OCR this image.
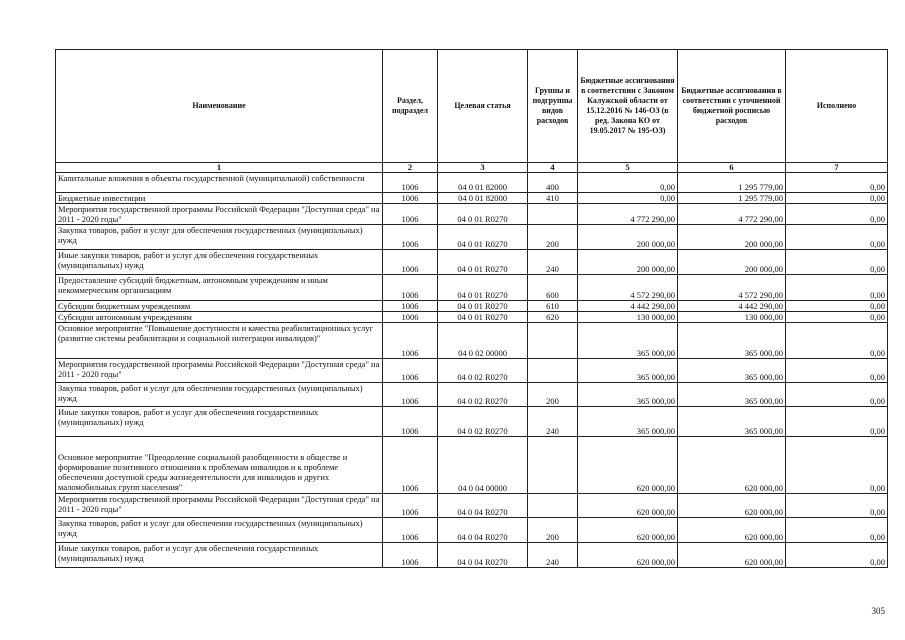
Наименование	Раздел, подраздел	Целевая статья	Группы и подгруппы видов расходов	Бюджетные ассигнования в соответствии с Законом Калужской области от 15.12.2016 № 146-ОЗ (в ред. Закона КО от 19.05.2017 № 195-ОЗ)	Бюджетные ассигнования в соответствии с уточненной бюджетной росписью расходов	Исполнено
1	2	3	4	5	6	7
Капитальные вложения в объекты государственной (муниципальной) собственности	1006	04 0 01 82000	400	0,00	1 295 779,00	0,00
Бюджетные инвестиции	1006	04 0 01 82000	410	0,00	1 295 779,00	0,00
Мероприятия государственной программы Российской Федерации "Доступная среда" на 2011 - 2020 годы"	1006	04 0 01 R0270		4 772 290,00	4 772 290,00	0,00
Закупка товаров, работ и услуг для обеспечения государственных (муниципальных) нужд	1006	04 0 01 R0270	200	200 000,00	200 000,00	0,00
Иные закупки товаров, работ и услуг для обеспечения государственных (муниципальных) нужд	1006	04 0 01 R0270	240	200 000,00	200 000,00	0,00
Предоставление субсидий бюджетным, автономным учреждениям и иным некоммерческим организациям	1006	04 0 01 R0270	600	4 572 290,00	4 572 290,00	0,00
Субсидии бюджетным учреждениям	1006	04 0 01 R0270	610	4 442 290,00	4 442 290,00	0,00
Субсидии автономным учреждениям	1006	04 0 01 R0270	620	130 000,00	130 000,00	0,00
Основное мероприятие "Повышение доступности и качества реабилитационных услуг (развитие системы реабилитации и социальной интеграции инвалидов)"	1006	04 0 02 00000		365 000,00	365 000,00	0,00
Мероприятия государственной программы Российской Федерации "Доступная среда" на 2011 - 2020 годы"	1006	04 0 02 R0270		365 000,00	365 000,00	0,00
Закупка товаров, работ и услуг для обеспечения государственных (муниципальных) нужд	1006	04 0 02 R0270	200	365 000,00	365 000,00	0,00
Иные закупки товаров, работ и услуг для обеспечения государственных (муниципальных) нужд	1006	04 0 02 R0270	240	365 000,00	365 000,00	0,00
Основное мероприятие "Преодоление социальной разобщенности в обществе и формирование позитивного отношения к проблемам инвалидов и к проблеме обеспечения доступной среды жизнедеятельности для инвалидов и других маломобильных групп населения"	1006	04 0 04 00000		620 000,00	620 000,00	0,00
Мероприятия государственной программы Российской Федерации "Доступная среда" на 2011 - 2020 годы"	1006	04 0 04 R0270		620 000,00	620 000,00	0,00
Закупка товаров, работ и услуг для обеспечения государственных (муниципальных) нужд	1006	04 0 04 R0270	200	620 000,00	620 000,00	0,00
Иные закупки товаров, работ и услуг для обеспечения государственных (муниципальных) нужд	1006	04 0 04 R0270	240	620 000,00	620 000,00	0,00
305
